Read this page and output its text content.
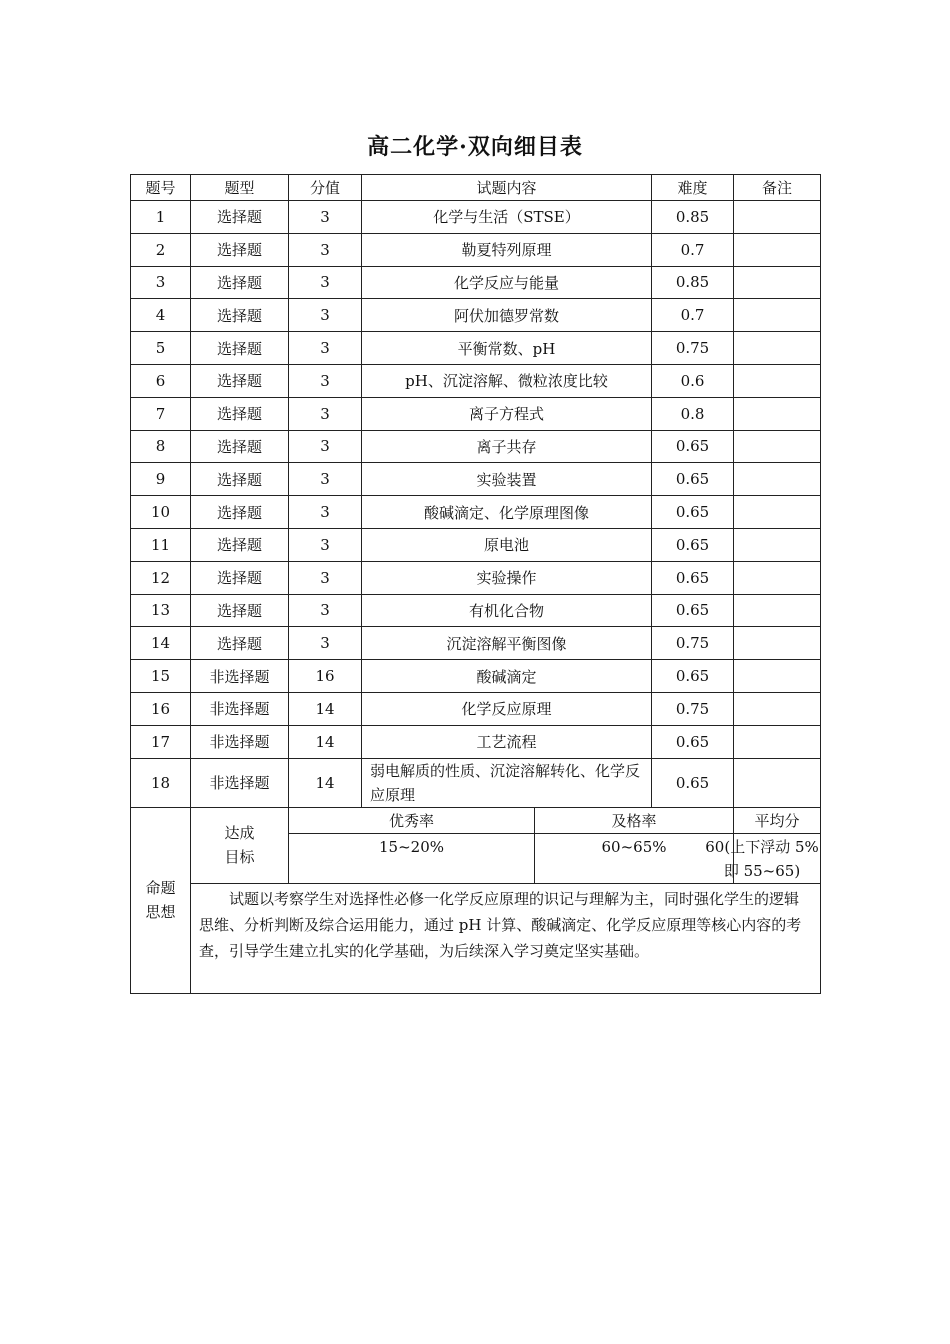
高二化学·双向细目表
题号	题型	分值	试题内容		难度	备注
1	选择题	3	化学与生活（STSE）		0.85	
2	选择题	3	勒夏特列原理		0.7	
3	选择题	3	化学反应与能量		0.85	
4	选择题	3	阿伏加德罗常数		0.7	
5	选择题	3	平衡常数、pH		0.75	
6	选择题	3	pH、沉淀溶解、微粒浓度比较		0.6	
7	选择题	3	离子方程式		0.8	
8	选择题	3	离子共存		0.65	
9	选择题	3	实验装置		0.65	
10	选择题	3	酸碱滴定、化学原理图像		0.65	
11	选择题	3	原电池		0.65	
12	选择题	3	实验操作		0.65	
13	选择题	3	有机化合物		0.65	
14	选择题	3	沉淀溶解平衡图像		0.75	
15	非选择题	16	酸碱滴定		0.65	
16	非选择题	14	化学反应原理		0.75	
17	非选择题	14	工艺流程		0.65	
18	非选择题	14	弱电解质的性质、沉淀溶解转化、化学反应原理		0.65	

命题思想	达成目标	优秀率		及格率		平均分
		15~20%		60~65%		60(上下浮动 5%
即 55~65)

	试题以考察学生对选择性必修一化学反应原理的识记与理解为主，同时强化学生的逻辑思维、分析判断及综合运用能力，通过 pH 计算、酸碱滴定、化学反应原理等核心内容的考查，引导学生建立扎实的化学基础，为后续深入学习奠定坚实基础。					
